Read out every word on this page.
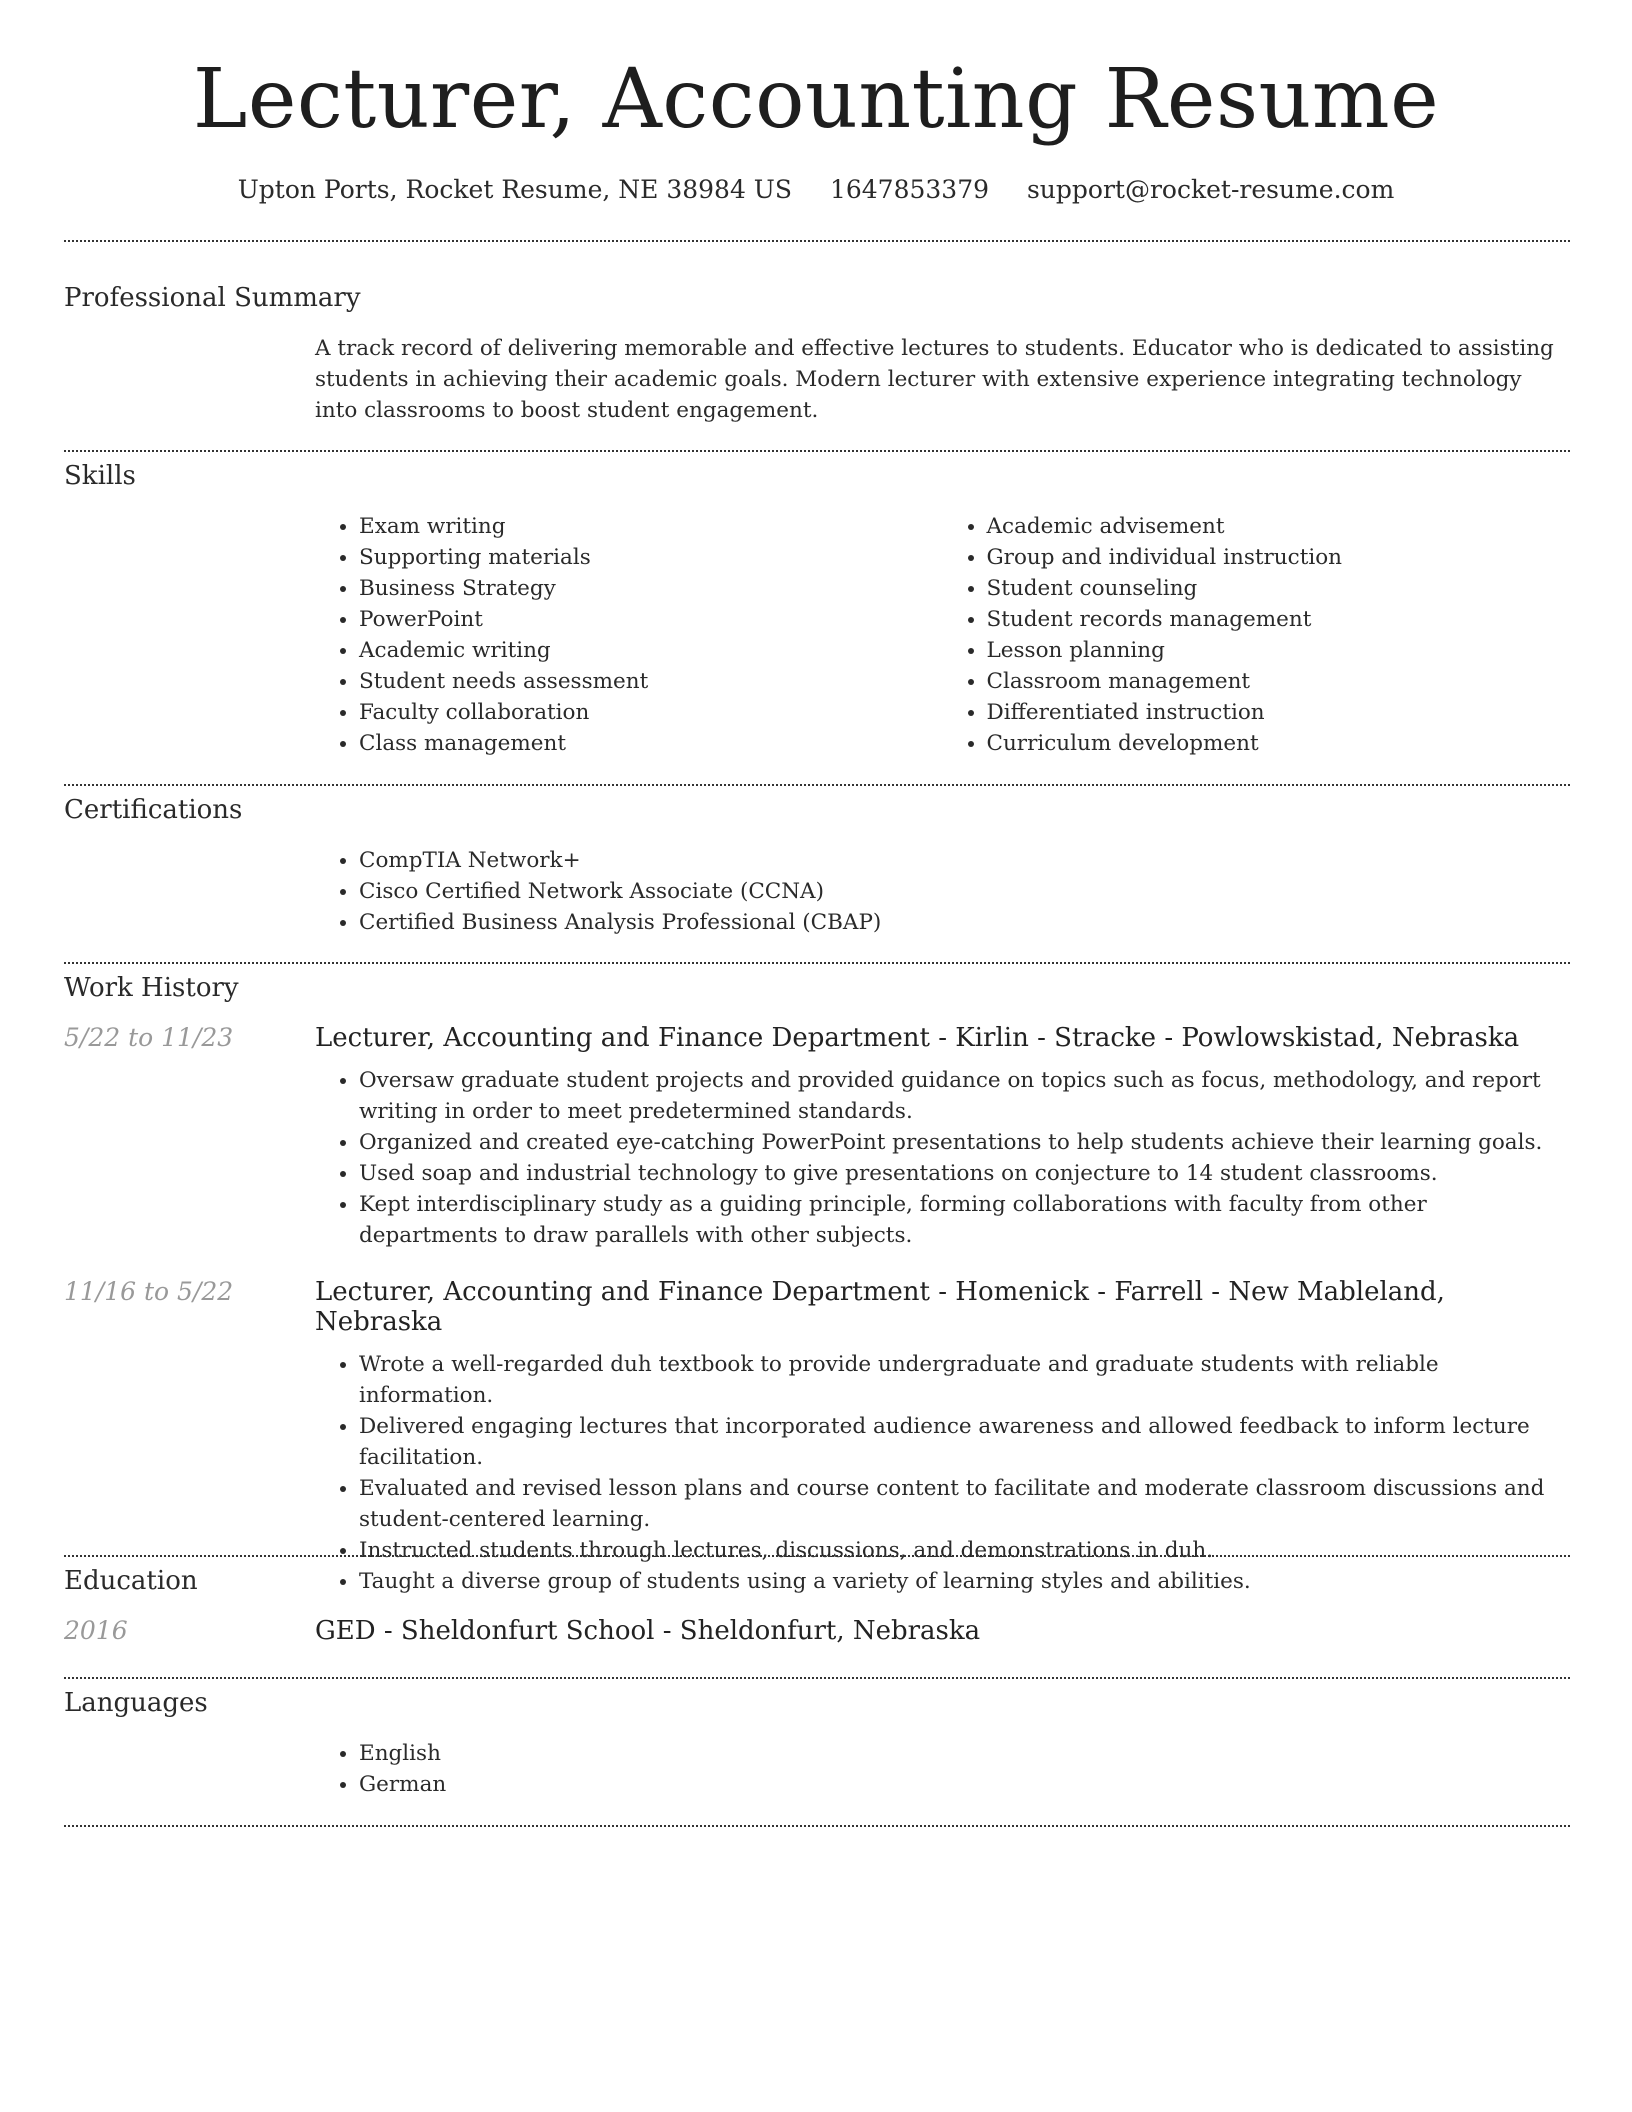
Lecturer, Accounting Resume
Upton Ports, Rocket Resume, NE 38984 US 1647853379 support@rocket-resume.com
Professional Summary

A track record of delivering memorable and effective lectures to students. Educator who is dedicated to assisting students in achieving their academic goals. Modern lecturer with extensive experience integrating technology into classrooms to boost student engagement.

Skills
• Exam writing
• Supporting materials
• Business Strategy
• PowerPoint
• Academic writing
• Student needs assessment
• Faculty collaboration
• Class management
• Academic advisement
• Group and individual instruction
• Student counseling
• Student records management
• Lesson planning
• Classroom management
• Differentiated instruction
• Curriculum development
Certifications
• CompTIA Network+
• Cisco Certified Network Associate (CCNA)
• Certified Business Analysis Professional (CBAP)
Work History
5/22 to 11/23	Lecturer, Accounting and Finance Department - Kirlin - Stracke - Powlowskistad, Nebraska
• Oversaw graduate student projects and provided guidance on topics such as focus, methodology, and report writing in order to meet predetermined standards.
• Organized and created eye-catching PowerPoint presentations to help students achieve their learning goals.
• Used soap and industrial technology to give presentations on conjecture to 14 student classrooms.
• Kept interdisciplinary study as a guiding principle, forming collaborations with faculty from other departments to draw parallels with other subjects.
11/16 to 5/22	Lecturer, Accounting and Finance Department - Homenick - Farrell - New Mableland, Nebraska
• Wrote a well-regarded duh textbook to provide undergraduate and graduate students with reliable information.
• Delivered engaging lectures that incorporated audience awareness and allowed feedback to inform lecture facilitation.
• Evaluated and revised lesson plans and course content to facilitate and moderate classroom discussions and student-centered learning.
• Instructed students through lectures, discussions, and demonstrations in duh.
• Taught a diverse group of students using a variety of learning styles and abilities.
Education
2016	GED - Sheldonfurt School - Sheldonfurt, Nebraska
Languages
• English
• German
